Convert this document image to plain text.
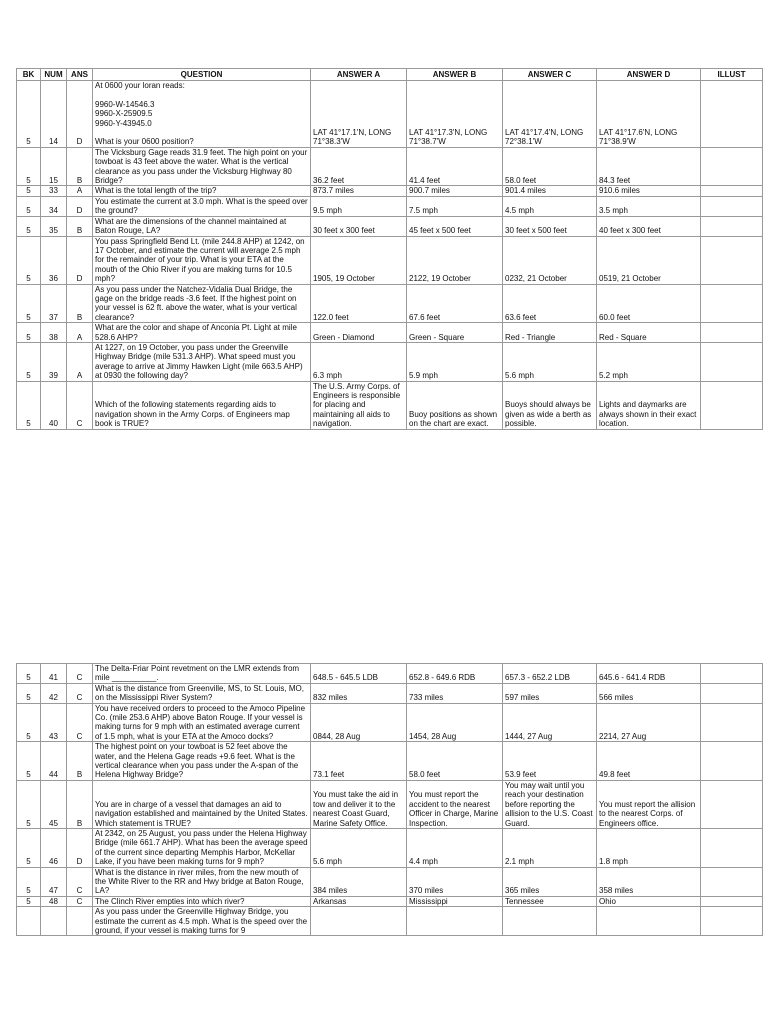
BK	NUM	ANS	QUESTION	ANSWER A	ANSWER B	ANSWER C	ANSWER D	ILLUST
5	14	D	At 0600 your loran reads:

9960-W-14546.3
9960-X-25909.5
9960-Y-43945.0

What is your 0600 position?	LAT 41°17.1'N, LONG 71°38.3'W	LAT 41°17.3'N, LONG 71°38.7'W	LAT 41°17.4'N, LONG 72°38.1'W	LAT 41°17.6'N, LONG 71°38.9'W	
5	15	B	The Vicksburg Gage reads 31.9 feet. The high point on your towboat is 43 feet above the water. What is the vertical clearance as you pass under the Vicksburg Highway 80 Bridge?	36.2 feet	41.4 feet	58.0 feet	84.3 feet	
5	33	A	What is the total length of the trip?	873.7 miles	900.7 miles	901.4 miles	910.6 miles	
5	34	D	You estimate the current at 3.0 mph. What is the speed over the ground?	9.5 mph	7.5 mph	4.5 mph	3.5 mph	
5	35	B	What are the dimensions of the channel maintained at Baton Rouge, LA?	30 feet x 300 feet	45 feet x 500 feet	30 feet x 500 feet	40 feet x 300 feet	
5	36	D	You pass Springfield Bend Lt. (mile 244.8 AHP) at 1242, on 17 October, and estimate the current will average 2.5 mph for the remainder of your trip. What is your ETA at the mouth of the Ohio River if you are making turns for 10.5 mph?	1905, 19 October	2122, 19 October	0232, 21 October	0519, 21 October	
5	37	B	As you pass under the Natchez-Vidalia Dual Bridge, the gage on the bridge reads -3.6 feet. If the highest point on your vessel is 62 ft. above the water, what is your vertical clearance?	122.0 feet	67.6 feet	63.6 feet	60.0 feet	
5	38	A	What are the color and shape of Anconia Pt. Light at mile 528.6 AHP?	Green - Diamond	Green - Square	Red - Triangle	Red - Square	
5	39	A	At 1227, on 19 October, you pass under the Greenville Highway Bridge (mile 531.3 AHP). What speed must you average to arrive at Jimmy Hawken Light (mile 663.5 AHP) at 0930 the following day?	6.3 mph	5.9 mph	5.6 mph	5.2 mph	
5	40	C	Which of the following statements regarding aids to navigation shown in the Army Corps. of Engineers map book is TRUE?	The U.S. Army Corps. of Engineers is responsible for placing and maintaining all aids to navigation.	Buoy positions as shown on the chart are exact.	Buoys should always be given as wide a berth as possible.	Lights and daymarks are always shown in their exact location.	
5	41	C	The Delta-Friar Point revetment on the LMR extends from mile __________.	648.5 - 645.5 LDB	652.8 - 649.6 RDB	657.3 - 652.2 LDB	645.6 - 641.4 RDB	
5	42	C	What is the distance from Greenville, MS, to St. Louis, MO, on the Mississippi River System?	832 miles	733 miles	597 miles	566 miles	
5	43	C	You have received orders to proceed to the Amoco Pipeline Co. (mile 253.6 AHP) above Baton Rouge. If your vessel is making turns for 9 mph with an estimated average current of 1.5 mph, what is your ETA at the Amoco docks?	0844, 28 Aug	1454, 28 Aug	1444, 27 Aug	2214, 27 Aug	
5	44	B	The highest point on your towboat is 52 feet above the water, and the Helena Gage reads +9.6 feet. What is the vertical clearance when you pass under the A-span of the Helena Highway Bridge?	73.1 feet	58.0 feet	53.9 feet	49.8 feet	
5	45	B	You are in charge of a vessel that damages an aid to navigation established and maintained by the United States. Which statement is TRUE?	You must take the aid in tow and deliver it to the nearest Coast Guard, Marine Safety Office.	You must report the accident to the nearest Officer in Charge, Marine Inspection.	You may wait until you reach your destination before reporting the allision to the U.S. Coast Guard.	You must report the allision to the nearest Corps. of Engineers office.	
5	46	D	At 2342, on 25 August, you pass under the Helena Highway Bridge (mile 661.7 AHP). What has been the average speed of the current since departing Memphis Harbor, McKellar Lake, if you have been making turns for 9 mph?	5.6 mph	4.4 mph	2.1 mph	1.8 mph	
5	47	C	What is the distance in river miles, from the new mouth of the White River to the RR and Hwy bridge at Baton Rouge, LA?	384 miles	370 miles	365 miles	358 miles	
5	48	C	The Clinch River empties into which river?	Arkansas	Mississippi	Tennessee	Ohio	
			As you pass under the Greenville Highway Bridge, you estimate the current as 4.5 mph. What is the speed over the ground, if your vessel is making turns for 9					
